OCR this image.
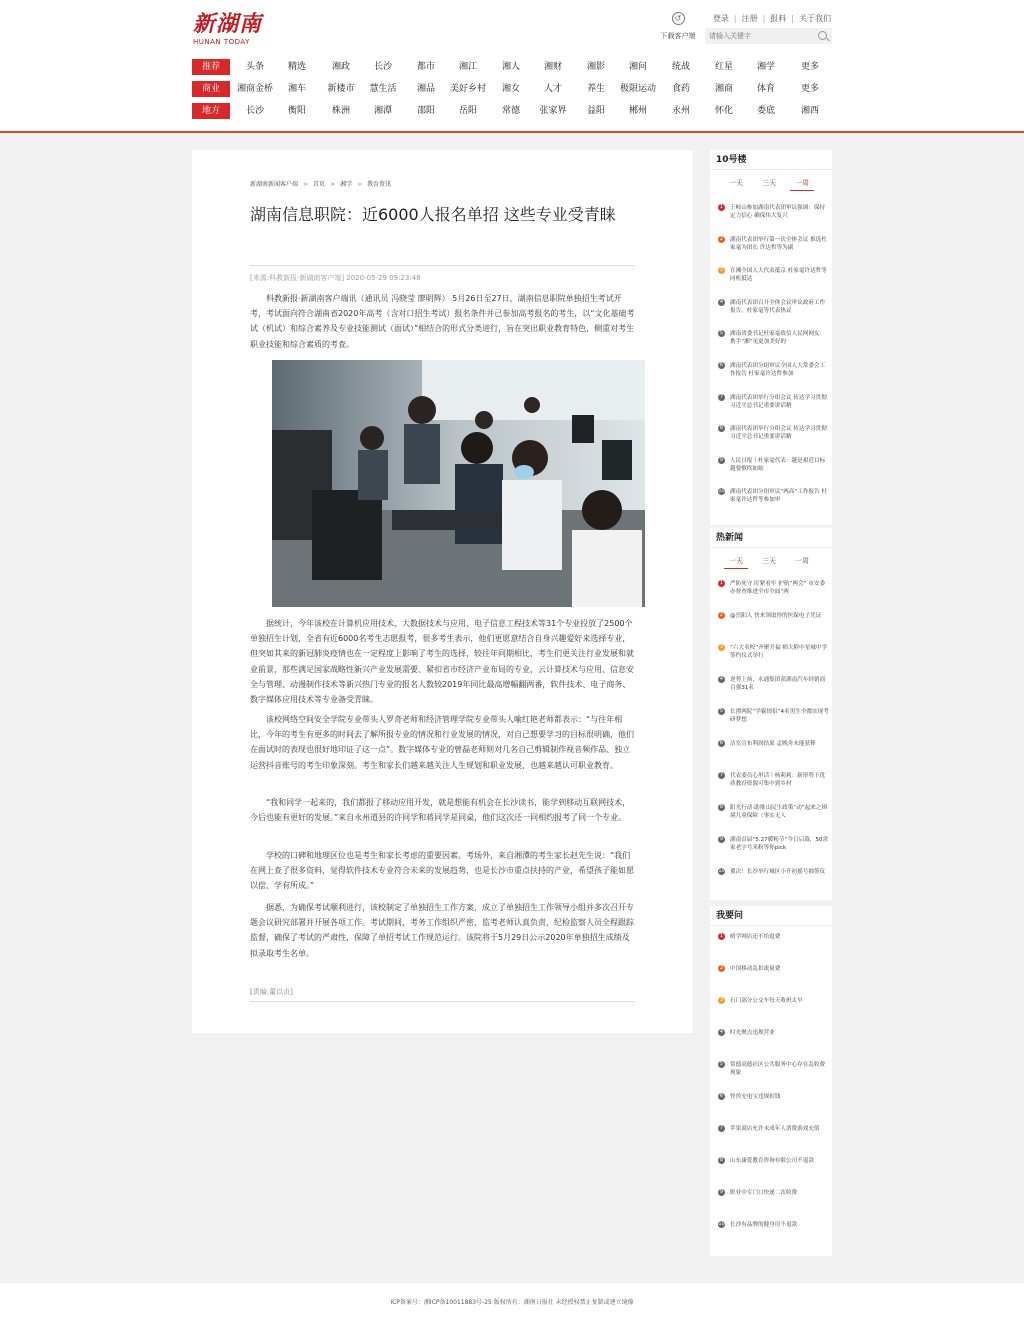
新湖南
HUNAN TODAY
↺
下载客户端
登录 | 注册 | 报料 | 关于我们
请输入关键字
推荐	头条	精选	湘政	长沙	都市	湘江	湘人	湘财	湘影	湘问	统战	红星	湘学	更多
商业	湘商金桥	湘车	新楼市	慧生活	湘品	美好乡村	湘女	人才	养生	极限运动	食药	湘商	体育	更多
地方	长沙	衡阳	株洲	湘潭	邵阳	岳阳	常德	张家界	益阳	郴州	永州	怀化	娄底	湘西
新湖南新闻客户端 > 首页 > 湘学 > 教育资讯
湖南信息职院：近6000人报名单招 这些专业受青睐
[来源:科教新报·新湖南客户端] 2020-05-29 09:23:48

科教新报·新湖南客户端讯（通讯员 冯晓莹 廖明辉） 5月26日至27日，湖南信息职院单独招生考试开考，考试面向符合湖南省2020年高考（含对口招生考试）报名条件并已参加高考报名的考生，以“文化基础考试（机试）和综合素养及专业技能测试（面试）”相结合的形式分类进行，旨在突出职业教育特色，侧重对考生职业技能和综合素质的考查。

据统计，今年该校在计算机应用技术、大数据技术与应用、电子信息工程技术等31个专业投放了2500个单独招生计划，全省有近6000名考生志愿报考，很多考生表示，他们更愿意结合自身兴趣爱好来选择专业，但突如其来的新冠肺炎疫情也在一定程度上影响了考生的选择，较往年同期相比，考生们更关注行业发展和就业前景，那些满足国家战略性新兴产业发展需要、紧扣省市经济产业布局的专业，云计算技术与应用、信息安全与管理、动漫制作技术等新兴热门专业的报名人数较2019年同比最高增幅翻两番，软件技术、电子商务、数字媒体应用技术等专业备受青睐。

该校网络空间安全学院专业带头人罗奇老师和经济管理学院专业带头人喻红艳老师都表示：“与往年相比，今年的考生有更多的时间去了解所报专业的情况和行业发展的情况，对自己想要学习的目标很明确，他们在面试时的表现也很好地印证了这一点”。数字媒体专业的曾磊老师则对几名自己剪辑制作视音频作品、独立运营抖音账号的考生印象深刻。考生和家长们越来越关注人生规划和职业发展，也越来越认可职业教育。

“我和同学一起来的，我们都报了移动应用开发，就是想能有机会在长沙读书，能学到移动互联网技术，今后也能有更好的发展。”来自永州道县的许同学和蒋同学是同桌，他们这次还一同相约报考了同一个专业。

学校的口碑和地理区位也是考生和家长考虑的重要因素。考场外，来自湘潭的考生家长赵先生说：“我们在网上查了很多资料，觉得软件技术专业符合未来的发展趋势，也是长沙市重点扶持的产业，希望孩子能如愿以偿、学有所成。”

据悉，为确保考试顺利进行，该校制定了单独招生工作方案，成立了单独招生工作领导小组并多次召开专题会议研究部署并开展各项工作。考试期间，考务工作组织严密，监考老师认真负责，纪检监察人员全程跟踪监督，确保了考试的严肃性，保障了单招考试工作规范运行。该院将于5月29日公示2020年单独招生成绩及拟录取考生名单。

[责编:董以贞]
10号楼
一天	三天	一周
1	王岐山参加湖南代表团审议强调：保持定力信心 确保伟大复兴
2	湖南代表团举行第一次全体会议 推选杜家毫为团长 许达哲等为副
3	在湘全国人大代表抵京 杜家毫许达哲等同机抵达
4	湖南代表团召开全体会议审议政府工作报告，杜家毫等代表热议
5	湖南省委书记杜家毫致信人民网网友：携手“湘”见更加美好的
6	湖南代表团分组审议全国人大常委会工作报告 杜家毫许达哲参加
7	湖南代表团举行分组会议 传达学习贯彻习近平总书记重要讲话精
8	湖南代表团举行分组会议 传达学习贯彻习近平总书记重要讲话精
9	人民日报丨杜家毫代表：越是艰近目标 越要慎终如始
10 湖南代表团分组审议“两高”工作报告 杜家毫许达哲等参加审
热新闻
一天	三天	一周
1	严防死守 盯紧看牢 护航“两会” 市安委办督查推进全市全面“两
2	@岳阳人 快来领取你的医保电子凭证
3	“六大名校”齐聚开福 师大附中星城中学签约仪式举行
4	逆势上扬，永通集团获湖南汽车经销商百强31名
5	长潭两院“学霸情侣”4名男生全都实现考研梦想
6	洁室宣布利润结果 孟晚舟未能获释
7	代表委员心里话｜杨莉莉：新形势下优质教育资源可集中到乡村
8	阳光行动·助推山民生政策“动”起来之困境儿童保障（事实无人
9	湖南首届“5.27暖粉节”今日启幕，50余家老字号米粉等你pick
10 冀次！长沙举行城区小升初摇号抽签仪
我要问
1	晴学网店还不给退费
2	中国移动乱扣流量费
3	石门部分公交车每天收班太早
4	时光聚点违规营业
5	常德高德社区公共服务中心存在乱收费现象
6	怪兽充电宝违规扣钱
7	苹果商店允许未成年人消费游戏充值
8	山东康爱教育咨询有限公司不退款
9	职业中专门口快递二次收费
10 长沙有品牌的健身房不退款
ICP备案号：湘ICP备10011883号-25 版权所有：湖南日报社 未经授权禁止复制或建立镜像
